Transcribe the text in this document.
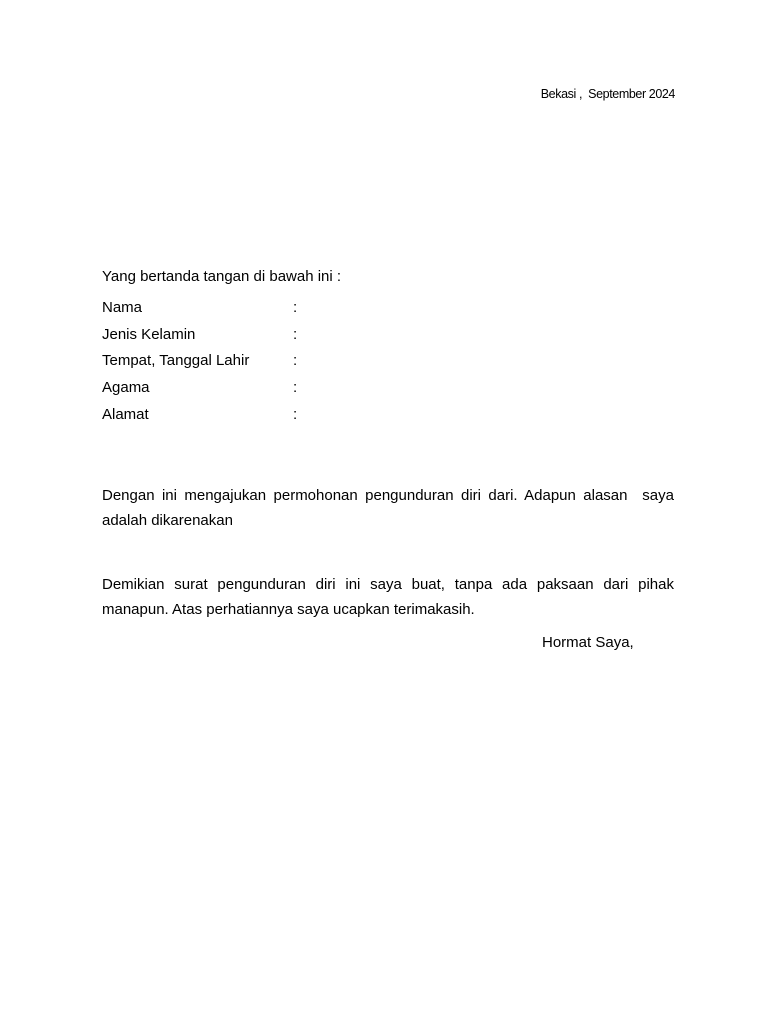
Bekasi ,  September 2024
Yang bertanda tangan di bawah ini :
Nama	:
Jenis Kelamin	:
Tempat, Tanggal Lahir	:
Agama	:
Alamat	:
Dengan ini mengajukan permohonan pengunduran diri dari. Adapun alasan  saya adalah dikarenakan
Demikian surat pengunduran diri ini saya buat, tanpa ada paksaan dari pihak manapun. Atas perhatiannya saya ucapkan terimakasih.
Hormat Saya,
